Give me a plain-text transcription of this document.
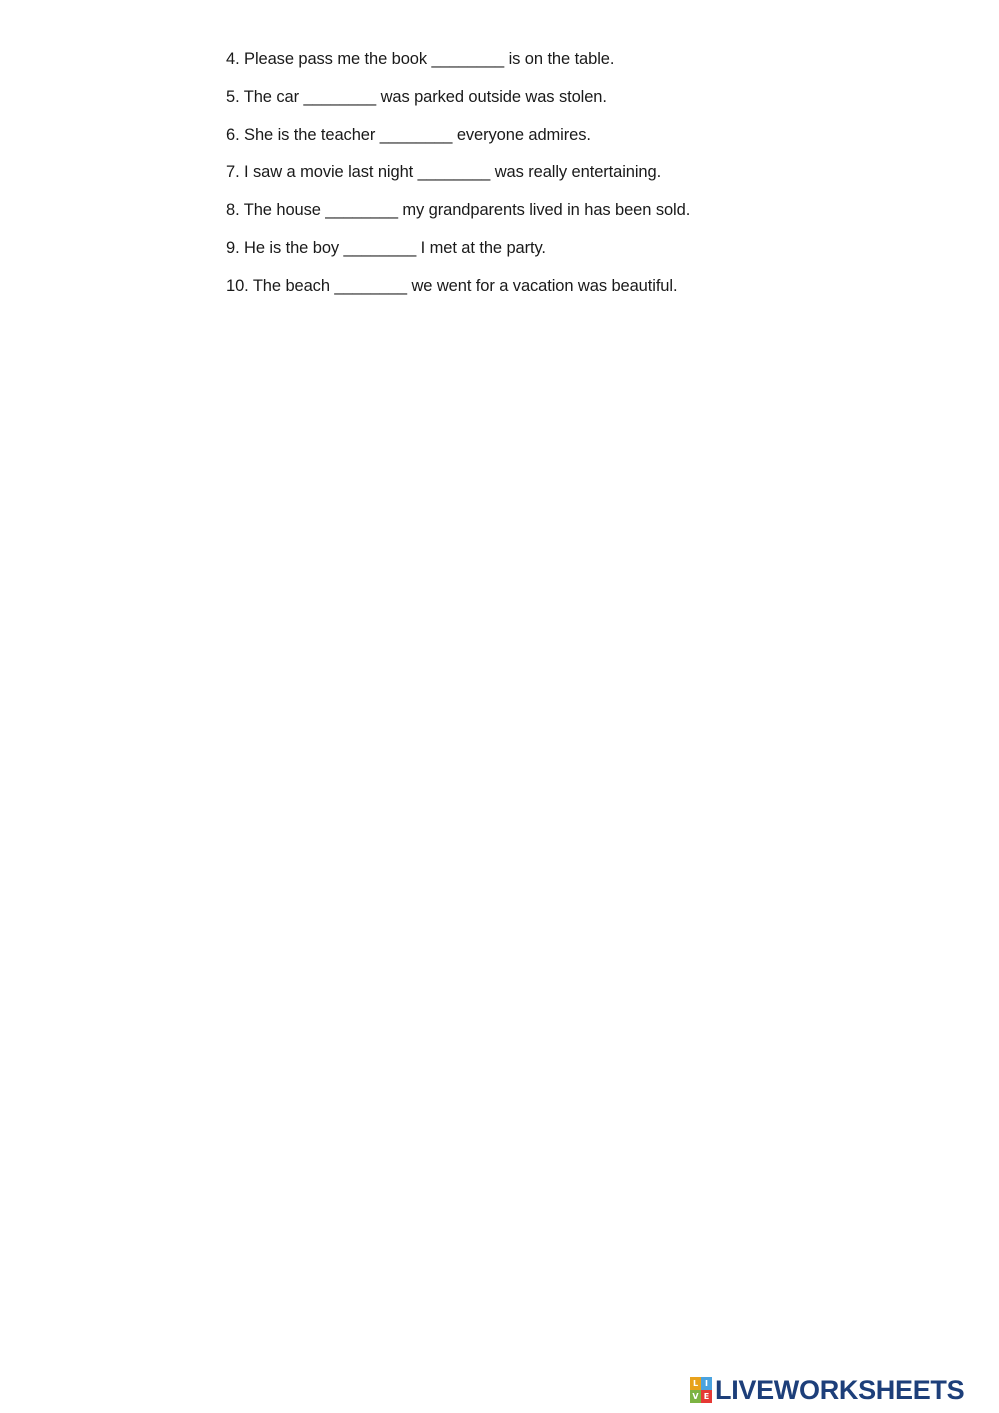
4. Please pass me the book ________ is on the table.
5. The car ________ was parked outside was stolen.
6. She is the teacher ________ everyone admires.
7. I saw a movie last night ________ was really entertaining.
8. The house ________ my grandparents lived in has been sold.
9. He is the boy ________ I met at the party.
10. The beach ________ we went for a vacation was beautiful.
L I
V E LIVEWORKSHEETS
